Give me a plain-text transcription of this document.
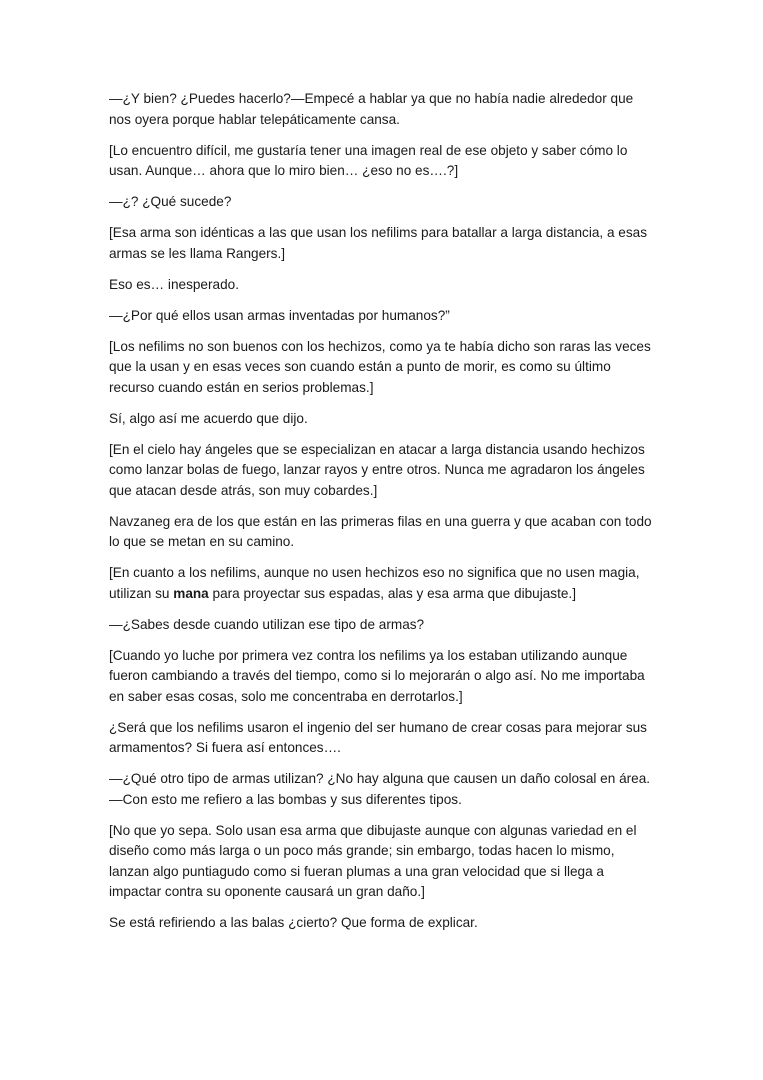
—¿Y bien? ¿Puedes hacerlo?—Empecé a hablar ya que no había nadie alrededor que nos oyera porque hablar telepáticamente cansa.

[Lo encuentro difícil, me gustaría tener una imagen real de ese objeto y saber cómo lo usan. Aunque… ahora que lo miro bien… ¿eso no es….?]

—¿? ¿Qué sucede?

[Esa arma son idénticas a las que usan los nefilims para batallar a larga distancia, a esas armas se les llama Rangers.]

Eso es… inesperado.

—¿Por qué ellos usan armas inventadas por humanos?”

[Los nefilims no son buenos con los hechizos, como ya te había dicho son raras las veces que la usan y en esas veces son cuando están a punto de morir, es como su último recurso cuando están en serios problemas.]

Sí, algo así me acuerdo que dijo.

[En el cielo hay ángeles que se especializan en atacar a larga distancia usando hechizos como lanzar bolas de fuego, lanzar rayos y entre otros. Nunca me agradaron los ángeles que atacan desde atrás, son muy cobardes.]

Navzaneg era de los que están en las primeras filas en una guerra y que acaban con todo lo que se metan en su camino.

[En cuanto a los nefilims, aunque no usen hechizos eso no significa que no usen magia, utilizan su mana para proyectar sus espadas, alas y esa arma que dibujaste.]

—¿Sabes desde cuando utilizan ese tipo de armas?

[Cuando yo luche por primera vez contra los nefilims ya los estaban utilizando aunque fueron cambiando a través del tiempo, como si lo mejorarán o algo así. No me importaba en saber esas cosas, solo me concentraba en derrotarlos.]

¿Será que los nefilims usaron el ingenio del ser humano de crear cosas para mejorar sus armamentos? Si fuera así entonces….

—¿Qué otro tipo de armas utilizan? ¿No hay alguna que causen un daño colosal en área.—Con esto me refiero a las bombas y sus diferentes tipos.

[No que yo sepa. Solo usan esa arma que dibujaste aunque con algunas variedad en el diseño como más larga o un poco más grande; sin embargo, todas hacen lo mismo, lanzan algo puntiagudo como si fueran plumas a una gran velocidad que si llega a impactar contra su oponente causará un gran daño.]

Se está refiriendo a las balas ¿cierto? Que forma de explicar.
